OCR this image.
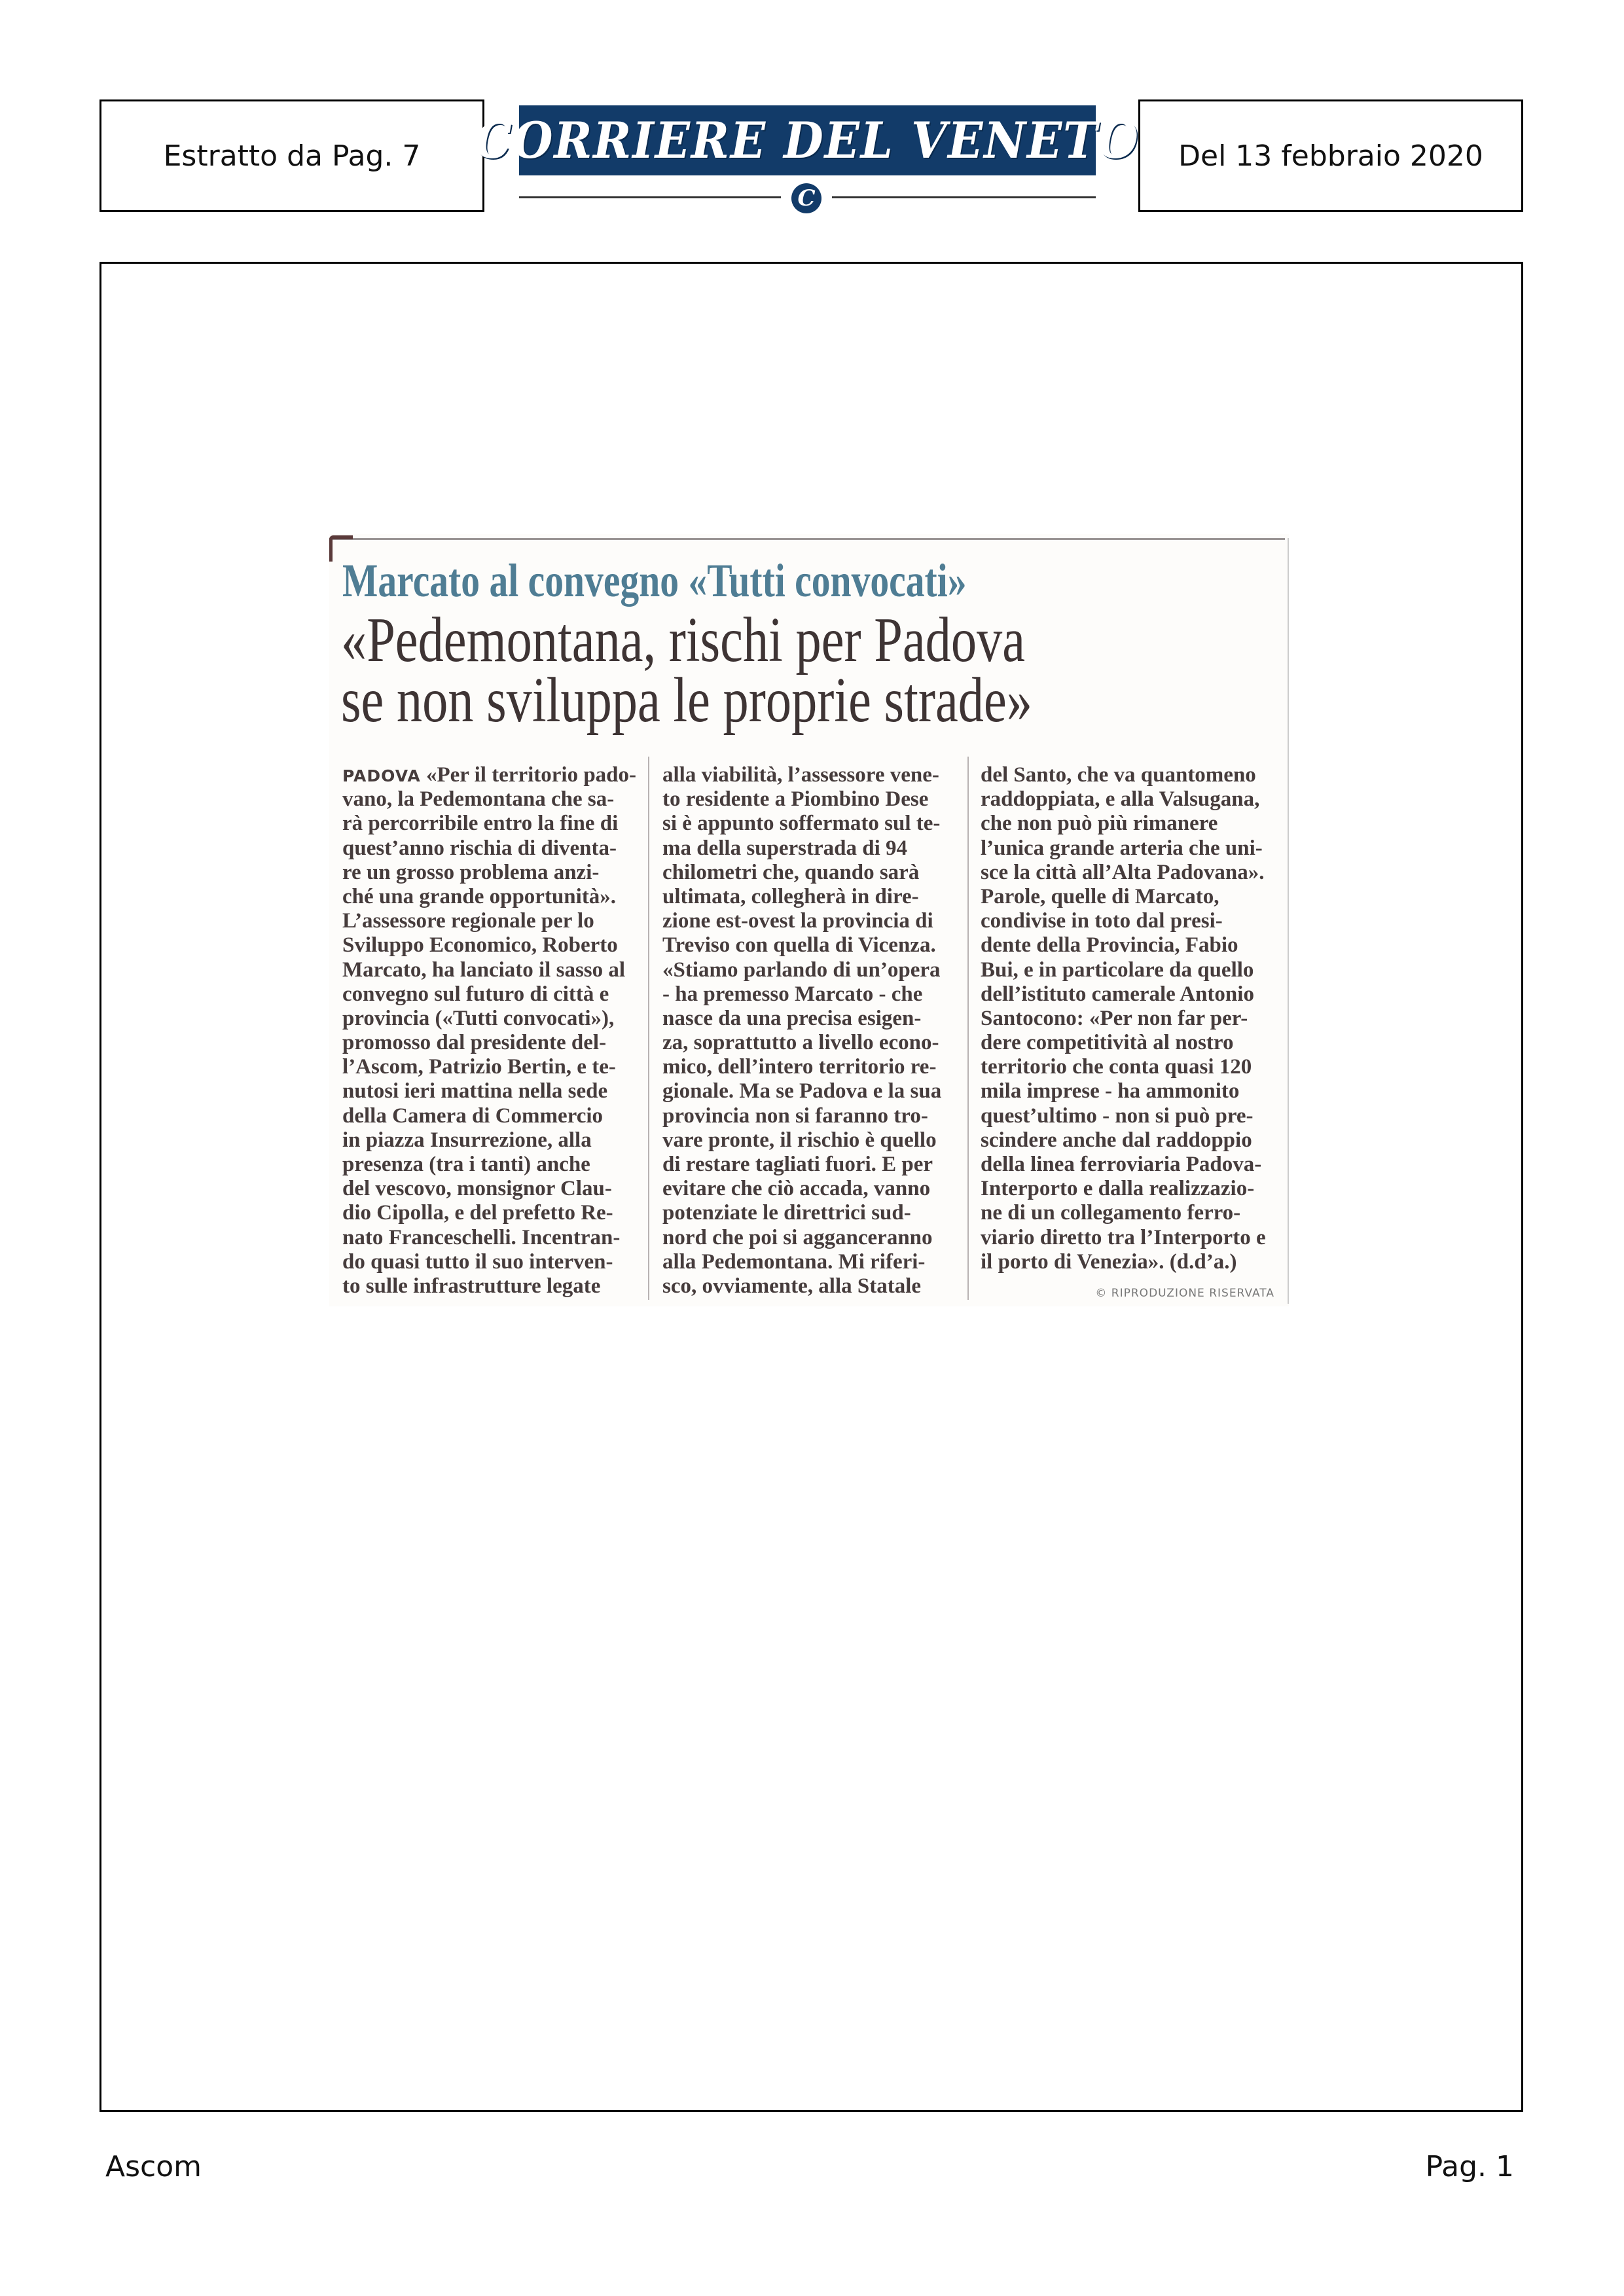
Estratto da Pag. 7 CORRIERE DEL VENETO
C
Del 13 febbraio 2020
Marcato al convegno «Tutti convocati»
«Pedemontana, rischi per Padova
se non sviluppa le proprie strade»
PADOVA «Per il territorio pado-
vano, la Pedemontana che sa-
rà percorribile entro la fine di
quest’anno rischia di diventa-
re un grosso problema anzi-
ché una grande opportunità».
L’assessore regionale per lo
Sviluppo Economico, Roberto
Marcato, ha lanciato il sasso al
convegno sul futuro di città e
provincia («Tutti convocati»),
promosso dal presidente del-
l’Ascom, Patrizio Bertin, e te-
nutosi ieri mattina nella sede
della Camera di Commercio
in piazza Insurrezione, alla
presenza (tra i tanti) anche
del vescovo, monsignor Clau-
dio Cipolla, e del prefetto Re-
nato Franceschelli. Incentran-
do quasi tutto il suo interven-
to sulle infrastrutture legate
alla viabilità, l’assessore vene-
to residente a Piombino Dese
si è appunto soffermato sul te-
ma della superstrada di 94
chilometri che, quando sarà
ultimata, collegherà in dire-
zione est-ovest la provincia di
Treviso con quella di Vicenza.
«Stiamo parlando di un’opera
- ha premesso Marcato - che
nasce da una precisa esigen-
za, soprattutto a livello econo-
mico, dell’intero territorio re-
gionale. Ma se Padova e la sua
provincia non si faranno tro-
vare pronte, il rischio è quello
di restare tagliati fuori. E per
evitare che ciò accada, vanno
potenziate le direttrici sud-
nord che poi si agganceranno
alla Pedemontana. Mi riferi-
sco, ovviamente, alla Statale
del Santo, che va quantomeno
raddoppiata, e alla Valsugana,
che non può più rimanere
l’unica grande arteria che uni-
sce la città all’Alta Padovana».
Parole, quelle di Marcato,
condivise in toto dal presi-
dente della Provincia, Fabio
Bui, e in particolare da quello
dell’istituto camerale Antonio
Santocono: «Per non far per-
dere competitività al nostro
territorio che conta quasi 120
mila imprese - ha ammonito
quest’ultimo - non si può pre-
scindere anche dal raddoppio
della linea ferroviaria Padova-
Interporto e dalla realizzazio-
ne di un collegamento ferro-
viario diretto tra l’Interporto e
il porto di Venezia». (d.d’a.)
© RIPRODUZIONE RISERVATA
Ascom	Pag. 1
